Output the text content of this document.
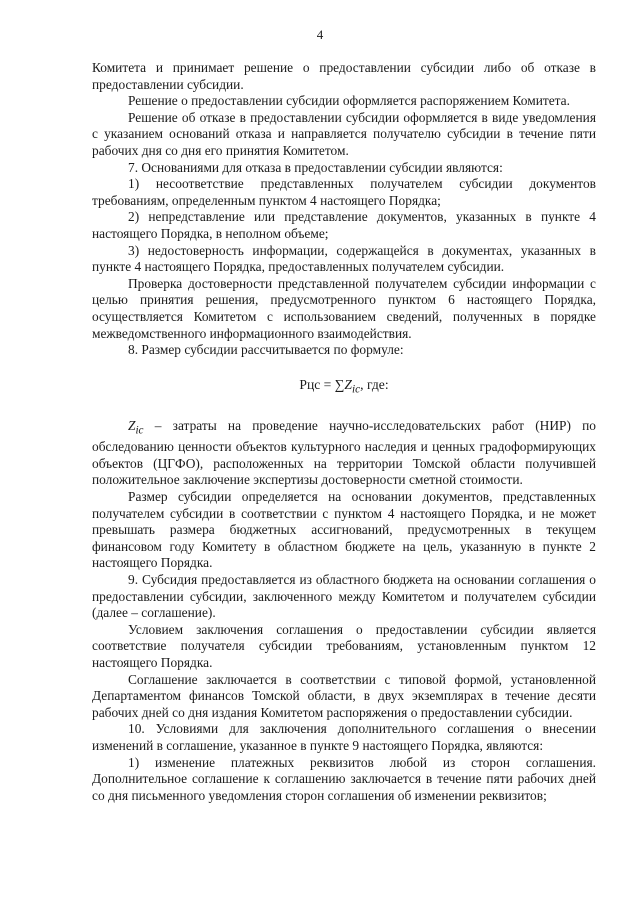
4

Комитета и принимает решение о предоставлении субсидии либо об отказе в предоставлении субсидии.

Решение о предоставлении субсидии оформляется распоряжением Комитета.

Решение об отказе в предоставлении субсидии оформляется в виде уведомления с указанием оснований отказа и направляется получателю субсидии в течение пяти рабочих дня со дня его принятия Комитетом.

7. Основаниями для отказа в предоставлении субсидии являются:

1) несоответствие представленных получателем субсидии документов требованиям, определенным пунктом 4 настоящего Порядка;

2) непредставление или представление документов, указанных в пункте 4 настоящего Порядка, в неполном объеме;

3) недостоверность информации, содержащейся в документах, указанных в пункте 4 настоящего Порядка, предоставленных получателем субсидии.

Проверка достоверности представленной получателем субсидии информации с целью принятия решения, предусмотренного пунктом 6 настоящего Порядка, осуществляется Комитетом с использованием сведений, полученных в порядке межведомственного информационного взаимодействия.

8. Размер субсидии рассчитывается по формуле:

Рцс = $\sum Z_{ic}$, где:

$Z_{ic}$ – затраты на проведение научно-исследовательских работ (НИР) по обследованию ценности объектов культурного наследия и ценных градоформирующих объектов (ЦГФО), расположенных на территории Томской области получившей положительное заключение экспертизы достоверности сметной стоимости.

Размер субсидии определяется на основании документов, представленных получателем субсидии в соответствии с пунктом 4 настоящего Порядка, и не может превышать размера бюджетных ассигнований, предусмотренных в текущем финансовом году Комитету в областном бюджете на цель, указанную в пункте 2 настоящего Порядка.

9. Субсидия предоставляется из областного бюджета на основании соглашения о предоставлении субсидии, заключенного между Комитетом и получателем субсидии (далее – соглашение).

Условием заключения соглашения о предоставлении субсидии является соответствие получателя субсидии требованиям, установленным пунктом 12 настоящего Порядка.

Соглашение заключается в соответствии с типовой формой, установленной Департаментом финансов Томской области, в двух экземплярах в течение десяти рабочих дней со дня издания Комитетом распоряжения о предоставлении субсидии.

10. Условиями для заключения дополнительного соглашения о внесении изменений в соглашение, указанное в пункте 9 настоящего Порядка, являются:

1) изменение платежных реквизитов любой из сторон соглашения. Дополнительное соглашение к соглашению заключается в течение пяти рабочих дней со дня письменного уведомления сторон соглашения об изменении реквизитов;
